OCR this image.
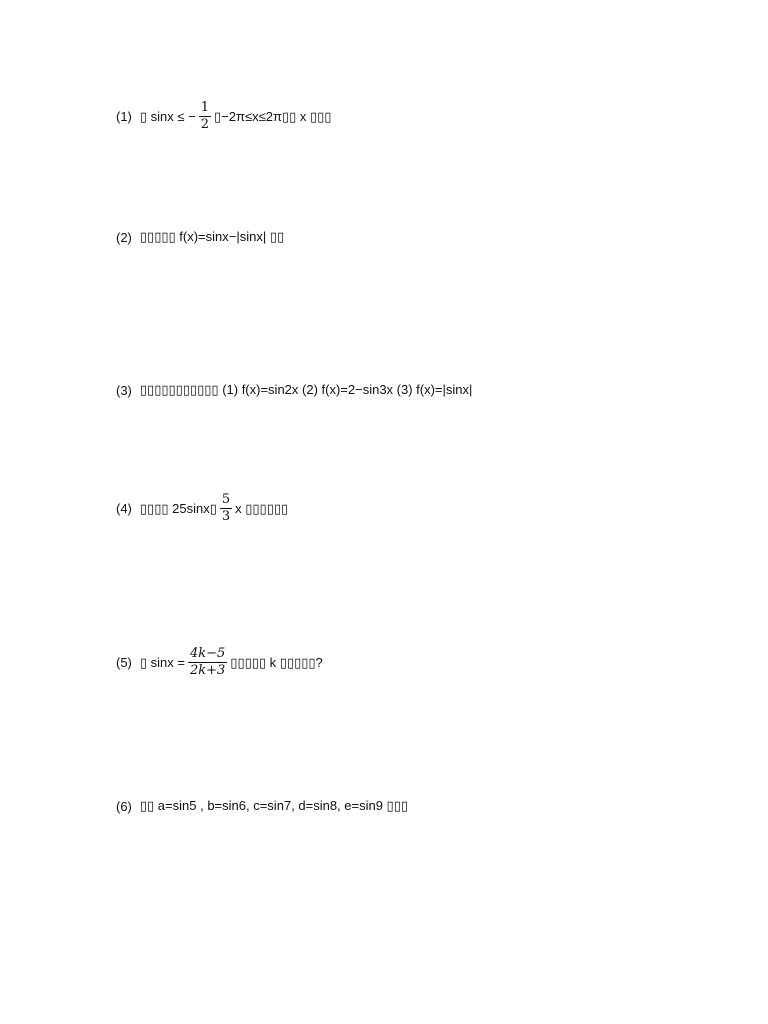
(1) ▯ sinx ≤ − $\frac{1}{2}$ ▯−2π≤x≤2π▯▯ x ▯▯▯
(2) ▯▯▯▯▯ f(x)=sinx−|sinx| ▯▯
(3) ▯▯▯▯▯▯▯▯▯▯▯ (1) f(x)=sin2x (2) f(x)=2−sin3x (3) f(x)=|sinx|
(4) ▯▯▯▯ 25sinx▯ $\frac{5}{3}$ x ▯▯▯▯▯▯
(5) ▯ $\sin x = \frac{4k-5}{2k+3}$ ▯▯▯▯▯ k ▯▯▯▯▯?
(6) ▯▯ a=sin5 , b=sin6, c=sin7, d=sin8, e=sin9 ▯▯▯
